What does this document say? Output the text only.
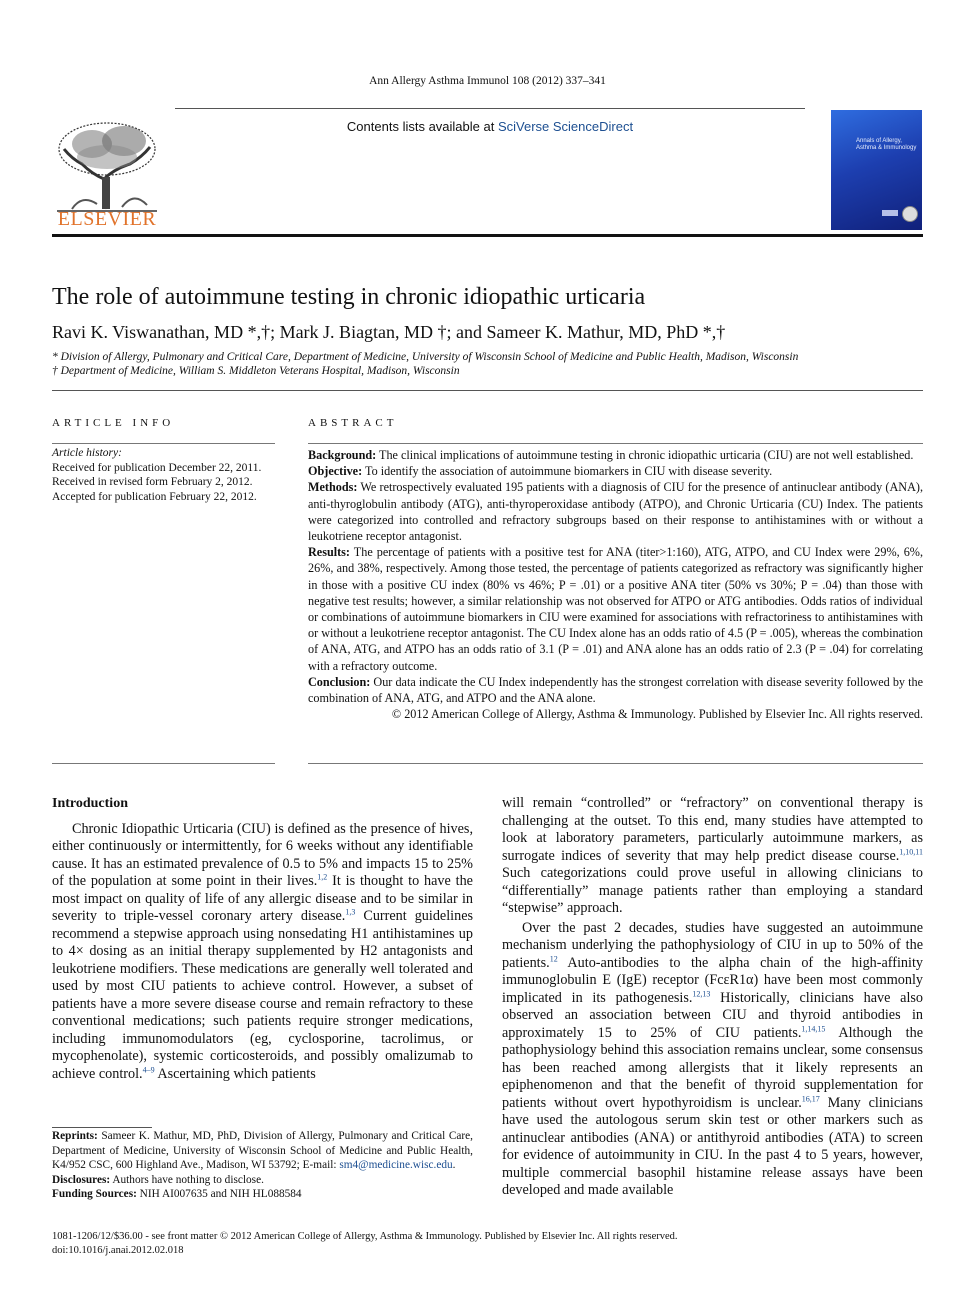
Ann Allergy Asthma Immunol 108 (2012) 337–341
Contents lists available at SciVerse ScienceDirect
ELSEVIER
Annals of Allergy, Asthma & Immunology
The role of autoimmune testing in chronic idiopathic urticaria
Ravi K. Viswanathan, MD *,†; Mark J. Biagtan, MD †; and Sameer K. Mathur, MD, PhD *,†
* Division of Allergy, Pulmonary and Critical Care, Department of Medicine, University of Wisconsin School of Medicine and Public Health, Madison, Wisconsin
† Department of Medicine, William S. Middleton Veterans Hospital, Madison, Wisconsin
ARTICLE INFO
Article history:
Received for publication December 22, 2011.
Received in revised form February 2, 2012.
Accepted for publication February 22, 2012.
ABSTRACT

Background: The clinical implications of autoimmune testing in chronic idiopathic urticaria (CIU) are not well established.

Objective: To identify the association of autoimmune biomarkers in CIU with disease severity.

Methods: We retrospectively evaluated 195 patients with a diagnosis of CIU for the presence of antinuclear antibody (ANA), anti-thyroglobulin antibody (ATG), anti-thyroperoxidase antibody (ATPO), and Chronic Urticaria (CU) Index. The patients were categorized into controlled and refractory subgroups based on their response to antihistamines with or without a leukotriene receptor antagonist.

Results: The percentage of patients with a positive test for ANA (titer>1:160), ATG, ATPO, and CU Index were 29%, 6%, 26%, and 38%, respectively. Among those tested, the percentage of patients categorized as refractory was significantly higher in those with a positive CU index (80% vs 46%; P = .01) or a positive ANA titer (50% vs 30%; P = .04) than those with negative test results; however, a similar relationship was not observed for ATPO or ATG antibodies. Odds ratios of individual or combinations of autoimmune biomarkers in CIU were examined for associations with refractoriness to antihistamines with or without a leukotriene receptor antagonist. The CU Index alone has an odds ratio of 4.5 (P = .005), whereas the combination of ANA, ATG, and ATPO has an odds ratio of 3.1 (P = .01) and ANA alone has an odds ratio of 2.3 (P = .04) for correlating with a refractory outcome.

Conclusion: Our data indicate the CU Index independently has the strongest correlation with disease severity followed by the combination of ANA, ATG, and ATPO and the ANA alone.

© 2012 American College of Allergy, Asthma & Immunology. Published by Elsevier Inc. All rights reserved.

Introduction

Chronic Idiopathic Urticaria (CIU) is defined as the presence of hives, either continuously or intermittently, for 6 weeks without any identifiable cause. It has an estimated prevalence of 0.5 to 5% and impacts 15 to 25% of the population at some point in their lives.$^{1,2}$ It is thought to have the most impact on quality of life of any allergic disease and to be similar in severity to triple-vessel coronary artery disease.$^{1,3}$ Current guidelines recommend a stepwise approach using nonsedating H1 antihistamines up to 4× dosing as an initial therapy supplemented by H2 antagonists and leukotriene modifiers. These medications are generally well tolerated and used by most CIU patients to achieve control. However, a subset of patients have a more severe disease course and remain refractory to these conventional medications; such patients require stronger medications, including immunomodulators (eg, cyclosporine, tacrolimus, or mycophenolate), systemic corticosteroids, and possibly omalizumab to achieve control.$^{4-9}$ Ascertaining which patients

will remain “controlled” or “refractory” on conventional therapy is challenging at the outset. To this end, many studies have attempted to look at laboratory parameters, particularly autoimmune markers, as surrogate indices of severity that may help predict disease course.$^{1,10,11}$ Such categorizations could prove useful in allowing clinicians to “differentially” manage patients rather than employing a standard “stepwise” approach.

Over the past 2 decades, studies have suggested an autoimmune mechanism underlying the pathophysiology of CIU in up to 50% of the patients.$^{12}$ Auto-antibodies to the alpha chain of the high-affinity immunoglobulin E (IgE) receptor (FcεR1α) have been most commonly implicated in its pathogenesis.$^{12,13}$ Historically, clinicians have also observed an association between CIU and thyroid antibodies in approximately 15 to 25% of CIU patients.$^{1,14,15}$ Although the pathophysiology behind this association remains unclear, some consensus has been reached among allergists that it likely represents an epiphenomenon and that the benefit of thyroid supplementation for patients without overt hypothyroidism is unclear.$^{16,17}$ Many clinicians have used the autologous serum skin test or other markers such as antinuclear antibodies (ANA) or antithyroid antibodies (ATA) to screen for evidence of autoimmunity in CIU. In the past 4 to 5 years, however, multiple commercial basophil histamine release assays have been developed and made available

Reprints: Sameer K. Mathur, MD, PhD, Division of Allergy, Pulmonary and Critical Care, Department of Medicine, University of Wisconsin School of Medicine and Public Health, K4/952 CSC, 600 Highland Ave., Madison, WI 53792; E-mail: sm4@medicine.wisc.edu.

Disclosures: Authors have nothing to disclose.

Funding Sources: NIH AI007635 and NIH HL088584

1081-1206/12/$36.00 - see front matter © 2012 American College of Allergy, Asthma & Immunology. Published by Elsevier Inc. All rights reserved.
doi:10.1016/j.anai.2012.02.018
